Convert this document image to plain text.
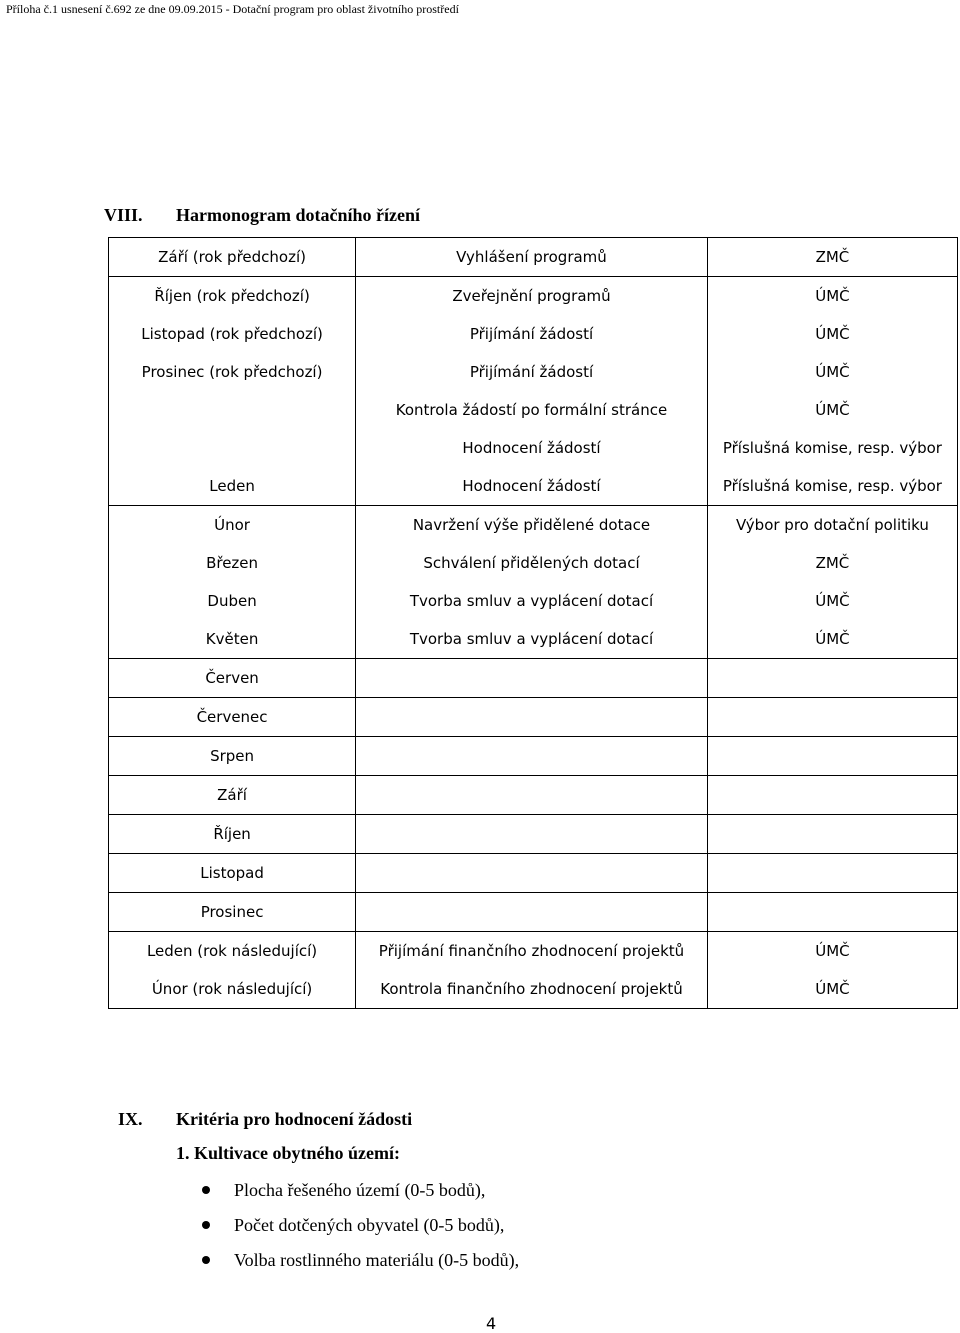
Příloha č.1 usnesení č.692 ze dne 09.09.2015 - Dotační program pro oblast životního prostředí
VIII. Harmonogram dotačního řízení
Září (rok předchozí)	Vyhlášení programů	ZMČ
Říjen (rok předchozí)	Zveřejnění programů	ÚMČ
Listopad (rok předchozí)	Přijímání žádostí	ÚMČ
Prosinec (rok předchozí)	Přijímání žádostí	ÚMČ
	Kontrola žádostí po formální stránce	ÚMČ
	Hodnocení žádostí	Příslušná komise, resp. výbor
Leden	Hodnocení žádostí	Příslušná komise, resp. výbor
Únor	Navržení výše přidělené dotace	Výbor pro dotační politiku
Březen	Schválení přidělených dotací	ZMČ
Duben	Tvorba smluv a vyplácení dotací	ÚMČ
Květen	Tvorba smluv a vyplácení dotací	ÚMČ
Červen		
Červenec		
Srpen		
Září		
Říjen		
Listopad		
Prosinec		
Leden (rok následující)	Přijímání finančního zhodnocení projektů	ÚMČ
Únor (rok následující)	Kontrola finančního zhodnocení projektů	ÚMČ
IX. Kritéria pro hodnocení žádosti
1. Kultivace obytného území:
Plocha řešeného území (0-5 bodů),
Počet dotčených obyvatel (0-5 bodů),
Volba rostlinného materiálu (0-5 bodů),
4
